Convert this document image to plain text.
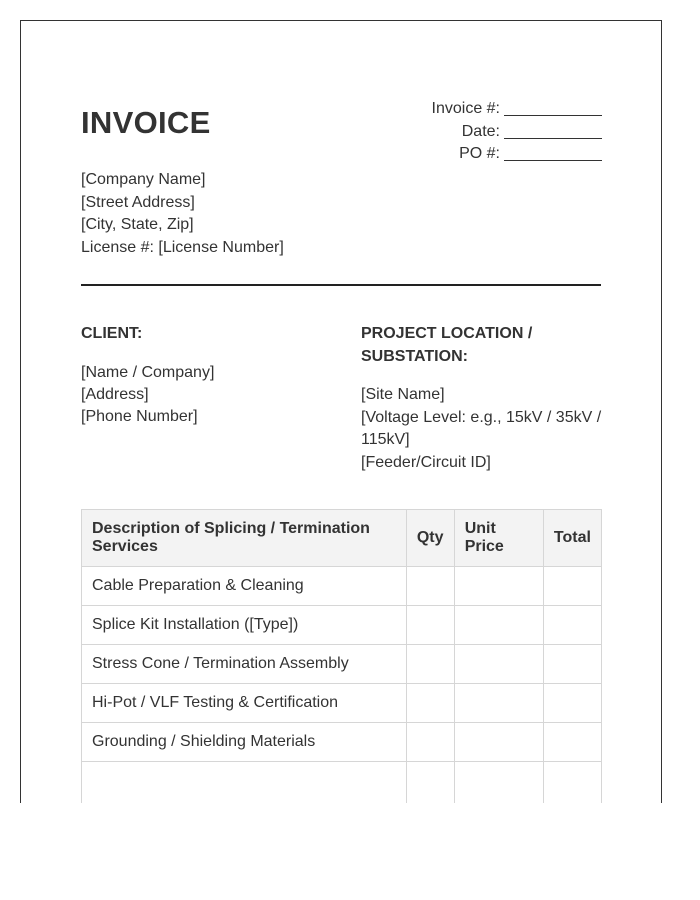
INVOICE	Invoice #:
Date:
PO #:
[Company Name]
[Street Address]
[City, State, Zip]
License #: [License Number]
CLIENT:
[Name / Company]
[Address]
[Phone Number]
PROJECT LOCATION / SUBSTATION:
[Site Name]
[Voltage Level: e.g., 15kV / 35kV / 115kV]
[Feeder/Circuit ID]
Description of Splicing / Termination Services	Qty	Unit Price	Total
Cable Preparation & Cleaning			
Splice Kit Installation ([Type])			
Stress Cone / Termination Assembly			
Hi-Pot / VLF Testing & Certification			
Grounding / Shielding Materials			
